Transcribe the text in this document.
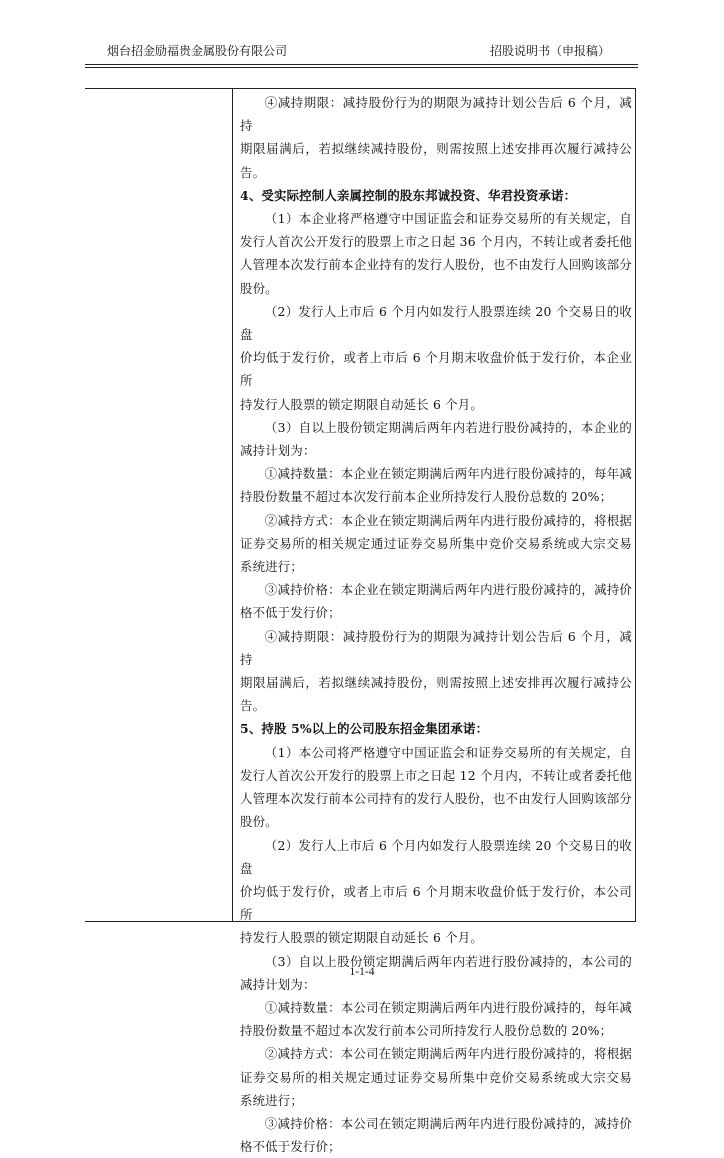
烟台招金励福贵金属股份有限公司	招股说明书（申报稿）

④减持期限：减持股份行为的期限为减持计划公告后 6 个月，减持

期限届满后，若拟继续减持股份，则需按照上述安排再次履行减持公告。

4、受实际控制人亲属控制的股东邦诚投资、华君投资承诺：

（1）本企业将严格遵守中国证监会和证券交易所的有关规定，自

发行人首次公开发行的股票上市之日起 36 个月内，不转让或者委托他

人管理本次发行前本企业持有的发行人股份，也不由发行人回购该部分

股份。

（2）发行人上市后 6 个月内如发行人股票连续 20 个交易日的收盘

价均低于发行价，或者上市后 6 个月期末收盘价低于发行价，本企业所

持发行人股票的锁定期限自动延长 6 个月。

（3）自以上股份锁定期满后两年内若进行股份减持的，本企业的

减持计划为：

①减持数量：本企业在锁定期满后两年内进行股份减持的，每年减

持股份数量不超过本次发行前本企业所持发行人股份总数的 20%；

②减持方式：本企业在锁定期满后两年内进行股份减持的，将根据

证券交易所的相关规定通过证券交易所集中竞价交易系统或大宗交易

系统进行；

③减持价格：本企业在锁定期满后两年内进行股份减持的，减持价

格不低于发行价；

④减持期限：减持股份行为的期限为减持计划公告后 6 个月，减持

期限届满后，若拟继续减持股份，则需按照上述安排再次履行减持公告。

5、持股 5%以上的公司股东招金集团承诺：

（1）本公司将严格遵守中国证监会和证券交易所的有关规定，自

发行人首次公开发行的股票上市之日起 12 个月内，不转让或者委托他

人管理本次发行前本公司持有的发行人股份，也不由发行人回购该部分

股份。

（2）发行人上市后 6 个月内如发行人股票连续 20 个交易日的收盘

价均低于发行价，或者上市后 6 个月期末收盘价低于发行价，本公司所

持发行人股票的锁定期限自动延长 6 个月。

（3）自以上股份锁定期满后两年内若进行股份减持的，本公司的

减持计划为：

①减持数量：本公司在锁定期满后两年内进行股份减持的，每年减

持股份数量不超过本次发行前本公司所持发行人股份总数的 20%；

②减持方式：本公司在锁定期满后两年内进行股份减持的，将根据

证券交易所的相关规定通过证券交易所集中竞价交易系统或大宗交易

系统进行；

③减持价格：本公司在锁定期满后两年内进行股份减持的，减持价

格不低于发行价；

1-1-4
